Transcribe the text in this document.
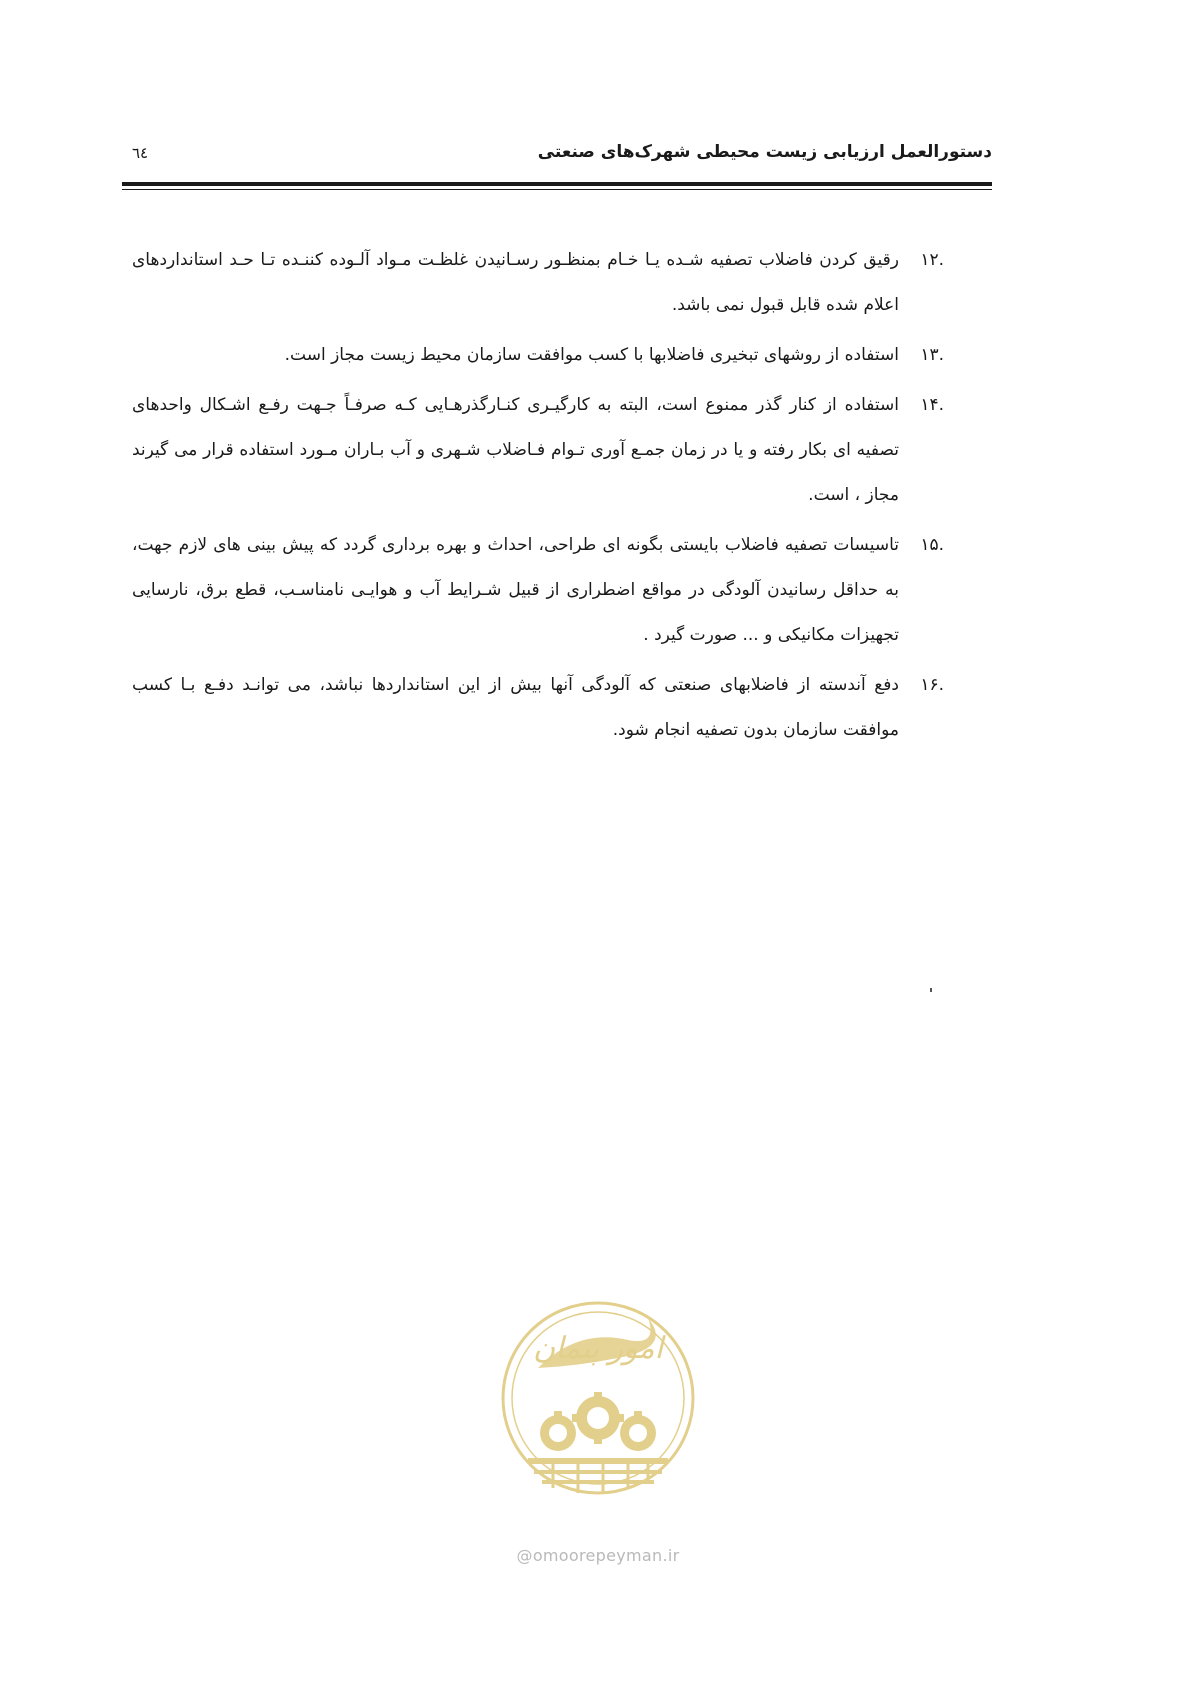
دستورالعمل ارزیابی زیست محیطی شهرک‌های صنعتی
٦٤
.۱۲
رقیق کردن فاضلاب تصفیه شـده یـا خـام بمنظـور رسـانیدن غلظـت مـواد آلـوده کننـده تـا حـد استانداردهای اعلام شده قابل قبول نمی باشد.
.۱۳
استفاده از روشهای تبخیری فاضلابها با کسب موافقت سازمان محیط زیست مجاز است.
.۱۴
استفاده از کنار گذر ممنوع است، البته به کارگیـری کنـارگذرهـایی کـه صرفـاً جـهت رفـع اشـکال واحدهای تصفیه ای بکار رفته و یا در زمان جمـع آوری تـوام فـاضلاب شـهری و آب بـاران مـورد استفاده قرار می گیرند مجاز ، است.
.۱۵
تاسیسات تصفیه فاضلاب بایستی بگونه ای طراحی، احداث و بهره برداری گردد که پیش بینی های لازم جهت، به حداقل رسانیدن آلودگی در مواقع اضطراری از قبیل شـرایط آب و هوایـی نامناسـب، قطع برق، نارسایی تجهیزات مکانیکی و ... صورت گیرد .
.۱۶
دفع آندسته از فاضلابهای صنعتی که آلودگی آنها بیش از این استانداردها نباشد، می توانـد دفـع بـا کسب موافقت سازمان بدون تصفیه انجام شود.
امور پیمان
@omoorepeyman.ir
